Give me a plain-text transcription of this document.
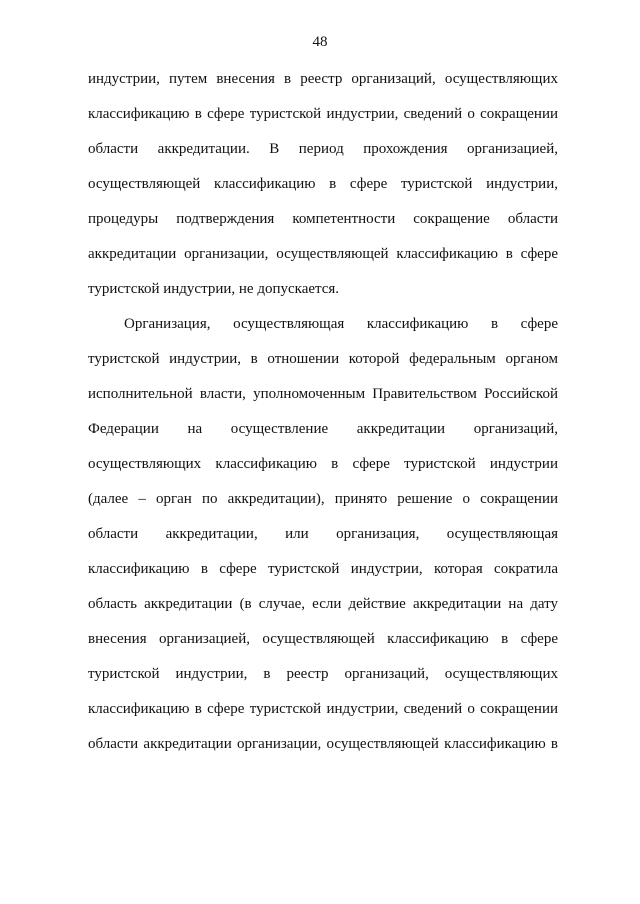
48
индустрии, путем внесения в реестр организаций, осуществляющих
классификацию в сфере туристской индустрии, сведений о сокращении
области аккредитации. В период прохождения организацией,
осуществляющей классификацию в сфере туристской индустрии,
процедуры подтверждения компетентности сокращение области
аккредитации организации, осуществляющей классификацию в сфере
туристской индустрии, не допускается.
Организация, осуществляющая классификацию в сфере
туристской индустрии, в отношении которой федеральным органом
исполнительной власти, уполномоченным Правительством Российской
Федерации на осуществление аккредитации организаций,
осуществляющих классификацию в сфере туристской индустрии
(далее – орган по аккредитации), принято решение о сокращении
области аккредитации, или организация, осуществляющая
классификацию в сфере туристской индустрии, которая сократила
область аккредитации (в случае, если действие аккредитации на дату
внесения организацией, осуществляющей классификацию в сфере
туристской индустрии, в реестр организаций, осуществляющих
классификацию в сфере туристской индустрии, сведений о сокращении
области аккредитации организации, осуществляющей классификацию в
